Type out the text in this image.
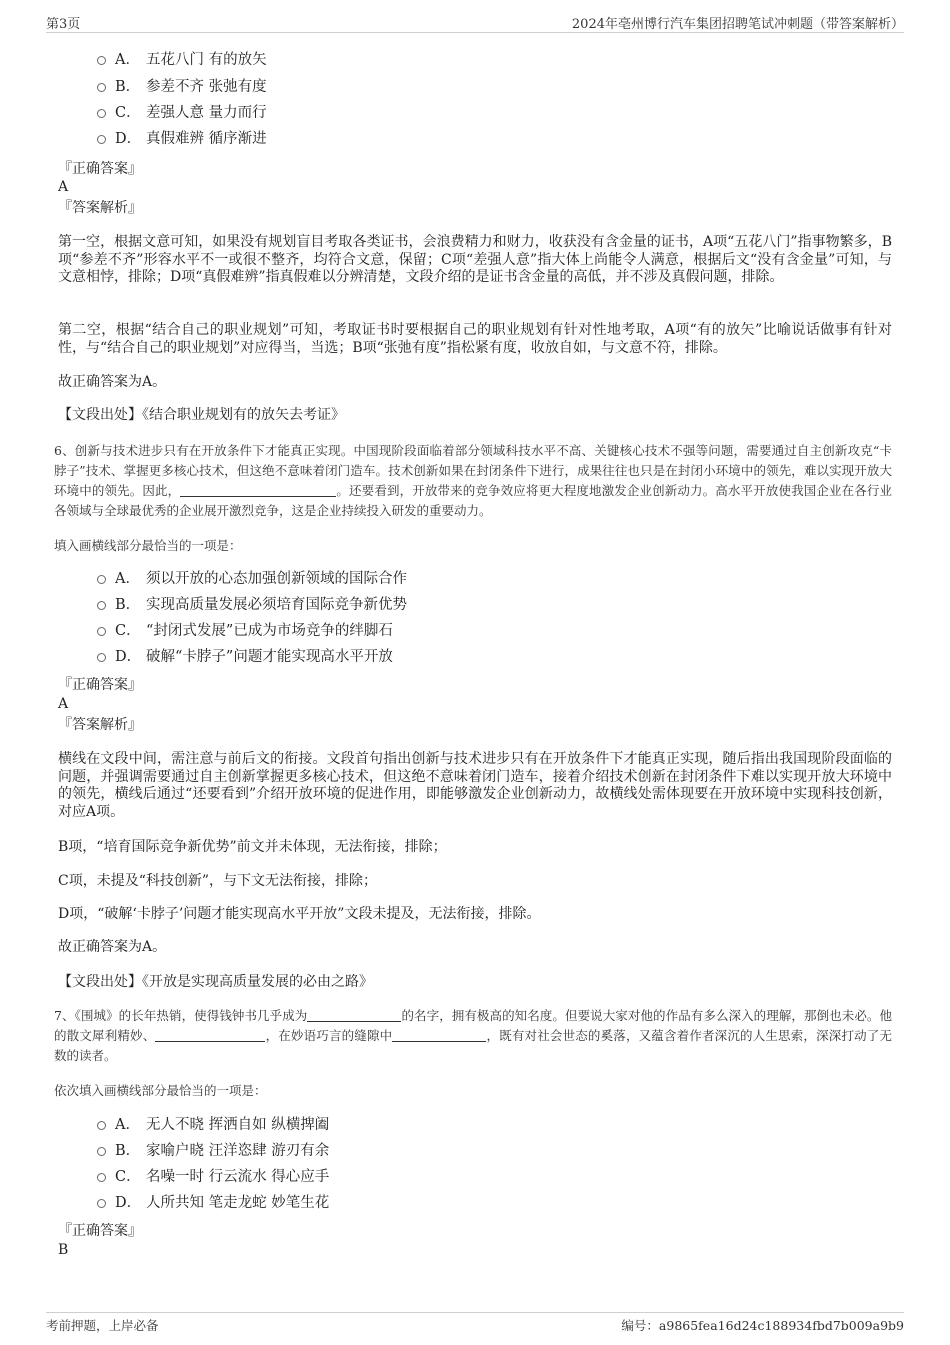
第3页	2024年亳州博行汽车集团招聘笔试冲刺题（带答案解析）
A． 五花八门 有的放矢
B． 参差不齐 张弛有度
C． 差强人意 量力而行
D． 真假难辨 循序渐进
『正确答案』
A
『答案解析』
第一空，根据文意可知，如果没有规划盲目考取各类证书，会浪费精力和财力，收获没有含金量的证书，A项“五花八门”指事物繁多，B项“参差不齐”形容水平不一或很不整齐，均符合文意，保留；C项“差强人意”指大体上尚能令人满意，根据后文“没有含金量”可知，与文意相悖，排除；D项“真假难辨”指真假难以分辨清楚，文段介绍的是证书含金量的高低，并不涉及真假问题，排除。
第二空，根据“结合自己的职业规划”可知，考取证书时要根据自己的职业规划有针对性地考取，A项“有的放矢”比喻说话做事有针对性，与“结合自己的职业规划”对应得当，当选；B项“张弛有度”指松紧有度，收放自如，与文意不符，排除。
故正确答案为A。
【文段出处】《结合职业规划有的放矢去考证》
6、创新与技术进步只有在开放条件下才能真正实现。中国现阶段面临着部分领域科技水平不高、关键核心技术不强等问题，需要通过自主创新攻克“卡脖子”技术、掌握更多核心技术，但这绝不意味着闭门造车。技术创新如果在封闭条件下进行，成果往往也只是在封闭小环境中的领先，难以实现开放大环境中的领先。因此，	。还要看到，开放带来的竞争效应将更大程度地激发企业创新动力。高水平开放使我国企业在各行业各领域与全球最优秀的企业展开激烈竞争，这是企业持续投入研发的重要动力。
填入画横线部分最恰当的一项是：
A． 须以开放的心态加强创新领域的国际合作
B． 实现高质量发展必须培育国际竞争新优势
C． “封闭式发展”已成为市场竞争的绊脚石
D． 破解“卡脖子”问题才能实现高水平开放
『正确答案』
A
『答案解析』
横线在文段中间，需注意与前后文的衔接。文段首句指出创新与技术进步只有在开放条件下才能真正实现，随后指出我国现阶段面临的问题，并强调需要通过自主创新掌握更多核心技术，但这绝不意味着闭门造车，接着介绍技术创新在封闭条件下难以实现开放大环境中的领先，横线后通过“还要看到”介绍开放环境的促进作用，即能够激发企业创新动力，故横线处需体现要在开放环境中实现科技创新，对应A项。
B项，“培育国际竞争新优势”前文并未体现，无法衔接，排除；
C项，未提及“科技创新”，与下文无法衔接，排除；
D项，“破解‘卡脖子’问题才能实现高水平开放”文段未提及，无法衔接，排除。
故正确答案为A。
【文段出处】《开放是实现高质量发展的必由之路》
7、《围城》的长年热销，使得钱钟书几乎成为	的名字，拥有极高的知名度。但要说大家对他的作品有多么深入的理解，那倒也未必。他的散文犀利精妙、	，在妙语巧言的缝隙中	，既有对社会世态的奚落，又蕴含着作者深沉的人生思索，深深打动了无数的读者。
依次填入画横线部分最恰当的一项是：
A． 无人不晓 挥洒自如 纵横捭阖
B． 家喻户晓 汪洋恣肆 游刃有余
C． 名噪一时 行云流水 得心应手
D． 人所共知 笔走龙蛇 妙笔生花
『正确答案』
B
考前押题，上岸必备	编号：a9865fea16d24c188934fbd7b009a9b9
